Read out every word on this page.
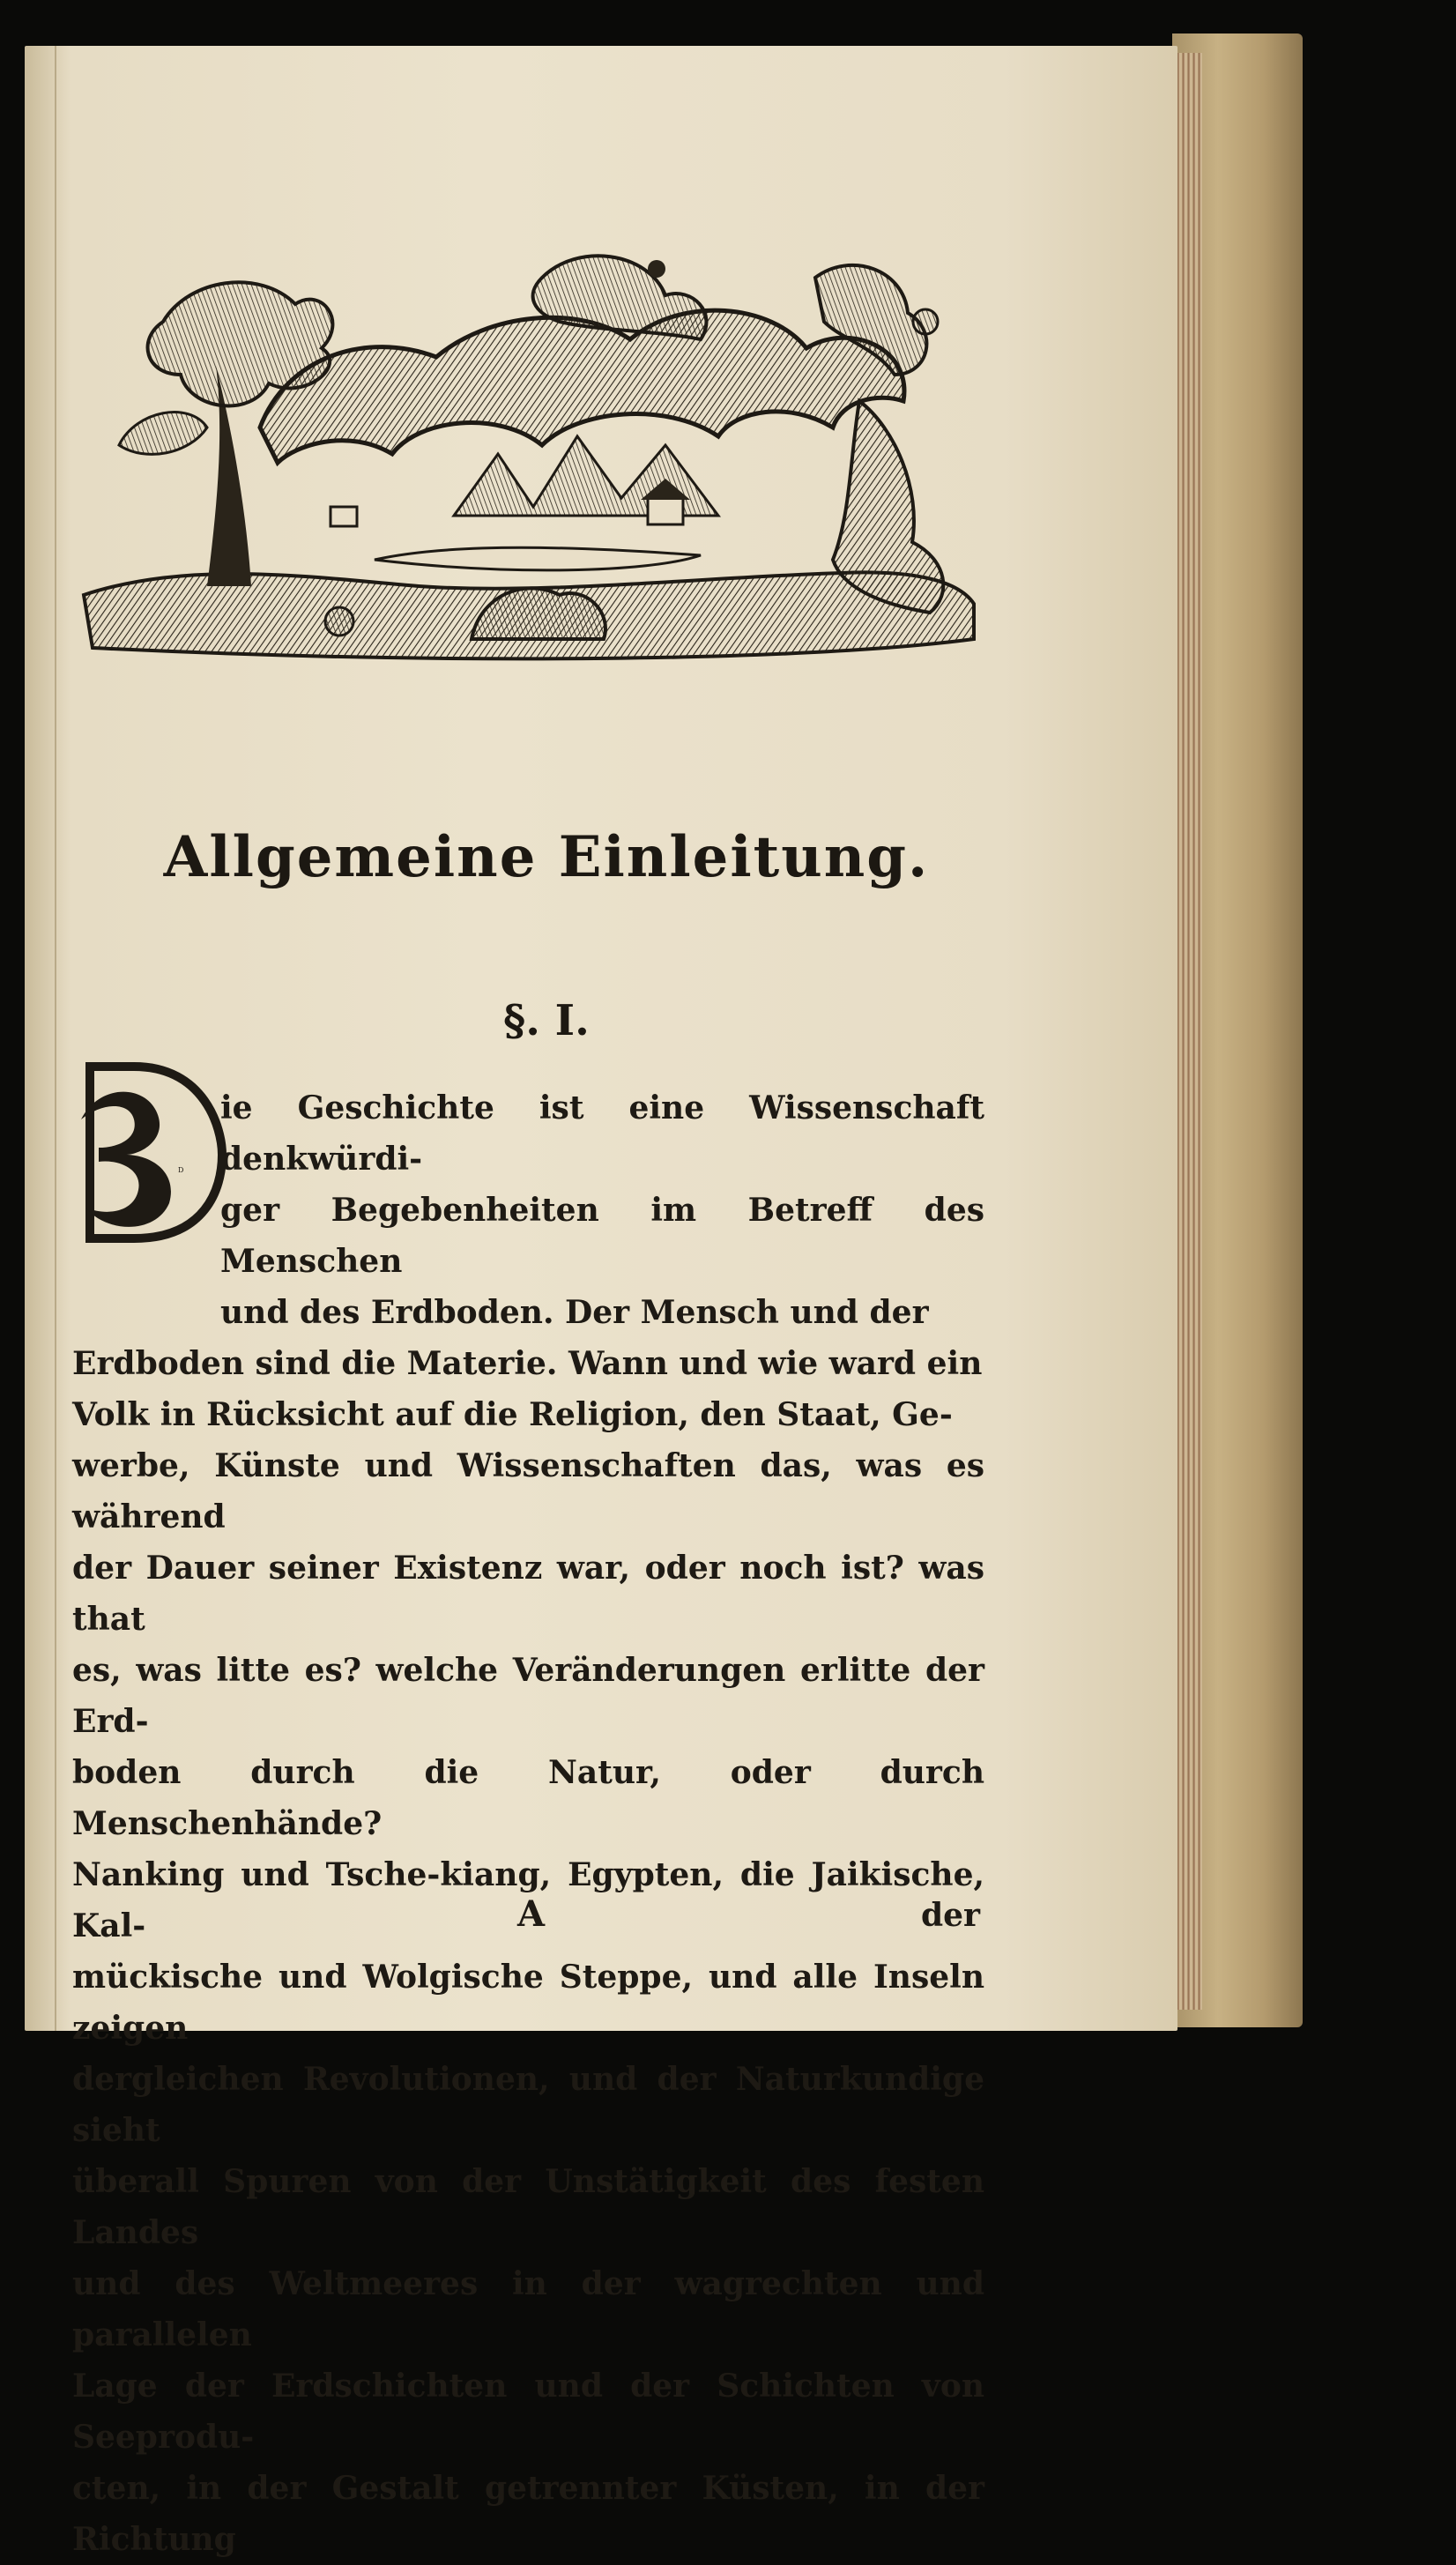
Allgemeine Einleitung.
§. I.
D

ie Geschichte ist eine Wissenschaft denkwürdi-
ger Begebenheiten im Betreff des Menschen
und des Erdboden. Der Mensch und der
Erdboden sind die Materie. Wann und wie ward ein
Volk in Rücksicht auf die Religion, den Staat, Ge-
werbe, Künste und Wissenschaften das, was es während
der Dauer seiner Existenz war, oder noch ist? was that
es, was litte es? welche Veränderungen erlitte der Erd-
boden durch die Natur, oder durch Menschenhände?
Nanking und Tsche-kiang, Egypten, die Jaikische, Kal-
mückische und Wolgische Steppe, und alle Inseln zeigen
dergleichen Revolutionen, und der Naturkundige sieht
überall Spuren von der Unstätigkeit des festen Landes
und des Weltmeeres in der wagrechten und parallelen
Lage der Erdschichten und der Schichten von Seeprodu-
cten, in der Gestalt getrennter Küsten, in der Richtung

A	der
